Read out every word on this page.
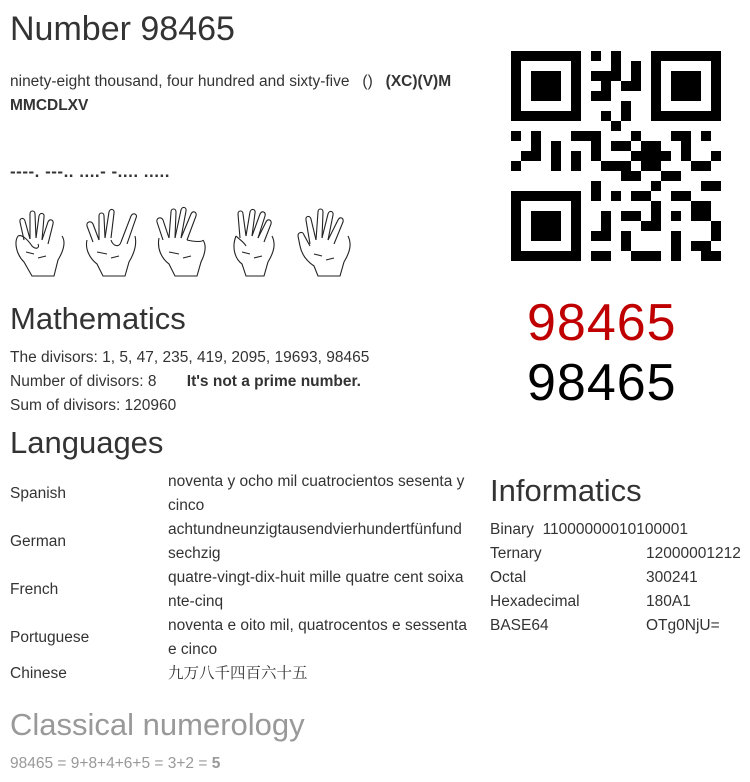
Number 98465
ninety-eight thousand, four hundred and sixty-five () (XC)(V)M MMCDLXV
----. ---.. ....- -.... .....

Mathematics
The divisors: 1, 5, 47, 235, 419, 2095, 19693, 98465
Number of divisors: 8 It's not a prime number.
Sum of divisors: 120960
Languages
Spanish	noventa y ocho mil cuatrocientos sesenta y cinco
German	achtundneunzigtausendvierhundertfünfundsechzig
French	quatre-vingt-dix-huit mille quatre cent soixante-cinq
Portuguese	noventa e oito mil, quatrocentos e sessenta e cinco
Chinese	九万八千四百六十五
Classical numerology
98465 = 9+8+4+6+5 = 3+2 = 5
98465
98465
Informatics
Binary 11000000010100001	
Ternary	12000001212
Octal	300241
Hexadecimal	180A1
BASE64	OTg0NjU=
